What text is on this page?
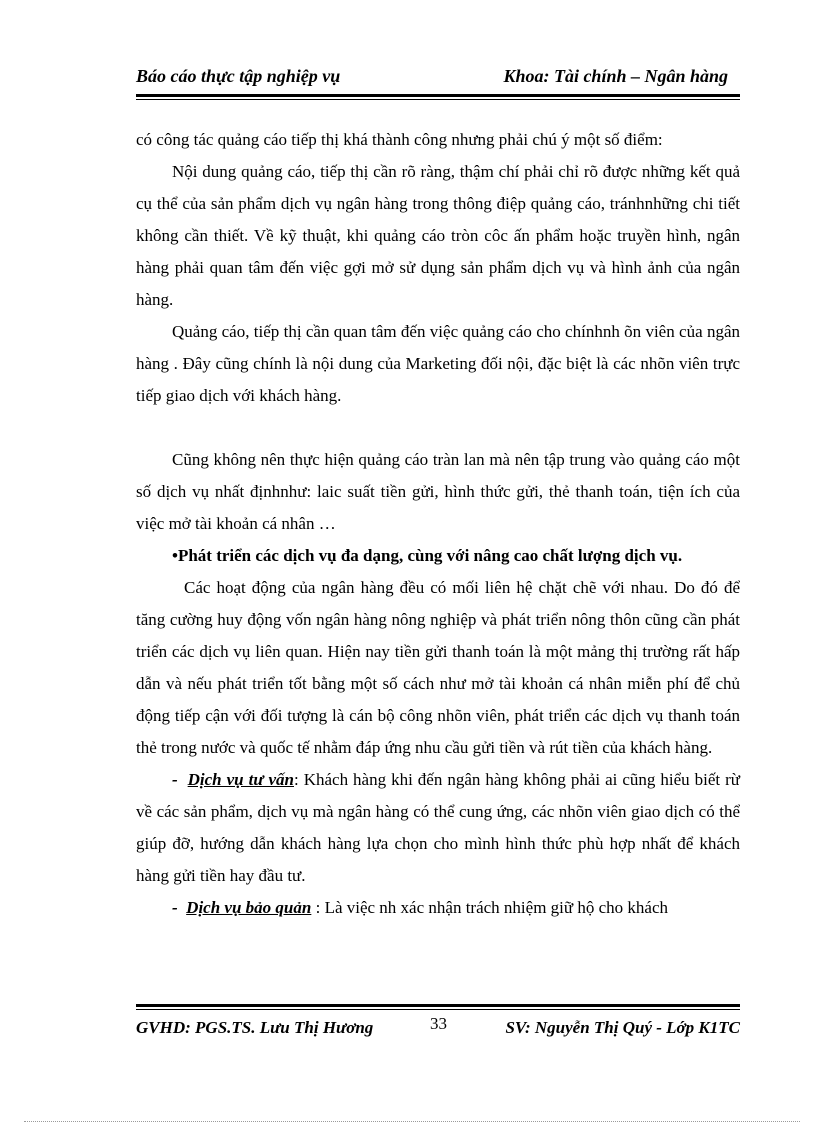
Báo cáo thực tập nghiệp vụ	Khoa: Tài chính – Ngân hàng

có công tác quảng cáo tiếp thị khá thành công nhưng phải chú ý một số điểm:

Nội dung quảng cáo, tiếp thị cần rõ ràng, thậm chí phải chỉ rõ được những kết quả cụ thể của sản phẩm dịch vụ ngân hàng trong thông điệp quảng cáo, tránhnhững chi tiết không cần thiết. Về kỹ thuật, khi quảng cáo tròn côc ấn phẩm hoặc truyền hình, ngân hàng phải quan tâm đến việc gợi mở sử dụng sản phẩm dịch vụ và hình ảnh của ngân hàng.

Quảng cáo, tiếp thị cần quan tâm đến việc quảng cáo cho chínhnh õn viên của ngân hàng . Đây cũng chính là nội dung của Marketing đối nội, đặc biệt là các nhõn viên trực tiếp giao dịch với khách hàng.

Cũng không nên thực hiện quảng cáo tràn lan mà nên tập trung vào quảng cáo một số dịch vụ nhất địnhnhư: laic suất tiền gửi, hình thức gửi, thẻ thanh toán, tiện ích của việc mở tài khoản cá nhân …

•Phát triển các dịch vụ đa dạng, cùng với nâng cao chất lượng dịch vụ.

Các hoạt động của ngân hàng đều có mối liên hệ chặt chẽ với nhau. Do đó để tăng cường huy động vốn ngân hàng nông nghiệp và phát triển nông thôn cũng cần phát triển các dịch vụ liên quan. Hiện nay tiền gửi thanh toán là một mảng thị trường rất hấp dẫn và nếu phát triển tốt bằng một số cách như mở tài khoản cá nhân miễn phí để chủ động tiếp cận với đối tượng là cán bộ công nhõn viên, phát triển các dịch vụ thanh toán thẻ trong nước và quốc tế nhằm đáp ứng nhu cầu gửi tiền và rút tiền của khách hàng.

- Dịch vụ tư vấn: Khách hàng khi đến ngân hàng không phải ai cũng hiểu biết rừ về các sản phẩm, dịch vụ mà ngân hàng có thể cung ứng, các nhõn viên giao dịch có thể giúp đỡ, hướng dẫn khách hàng lựa chọn cho mình hình thức phù hợp nhất để khách hàng gửi tiền hay đầu tư.

- Dịch vụ bảo quản : Là việc nh xác nhận trách nhiệm giữ hộ cho khách

GVHD: PGS.TS. Lưu Thị Hương	33	SV: Nguyễn Thị Quý - Lớp K1TC
